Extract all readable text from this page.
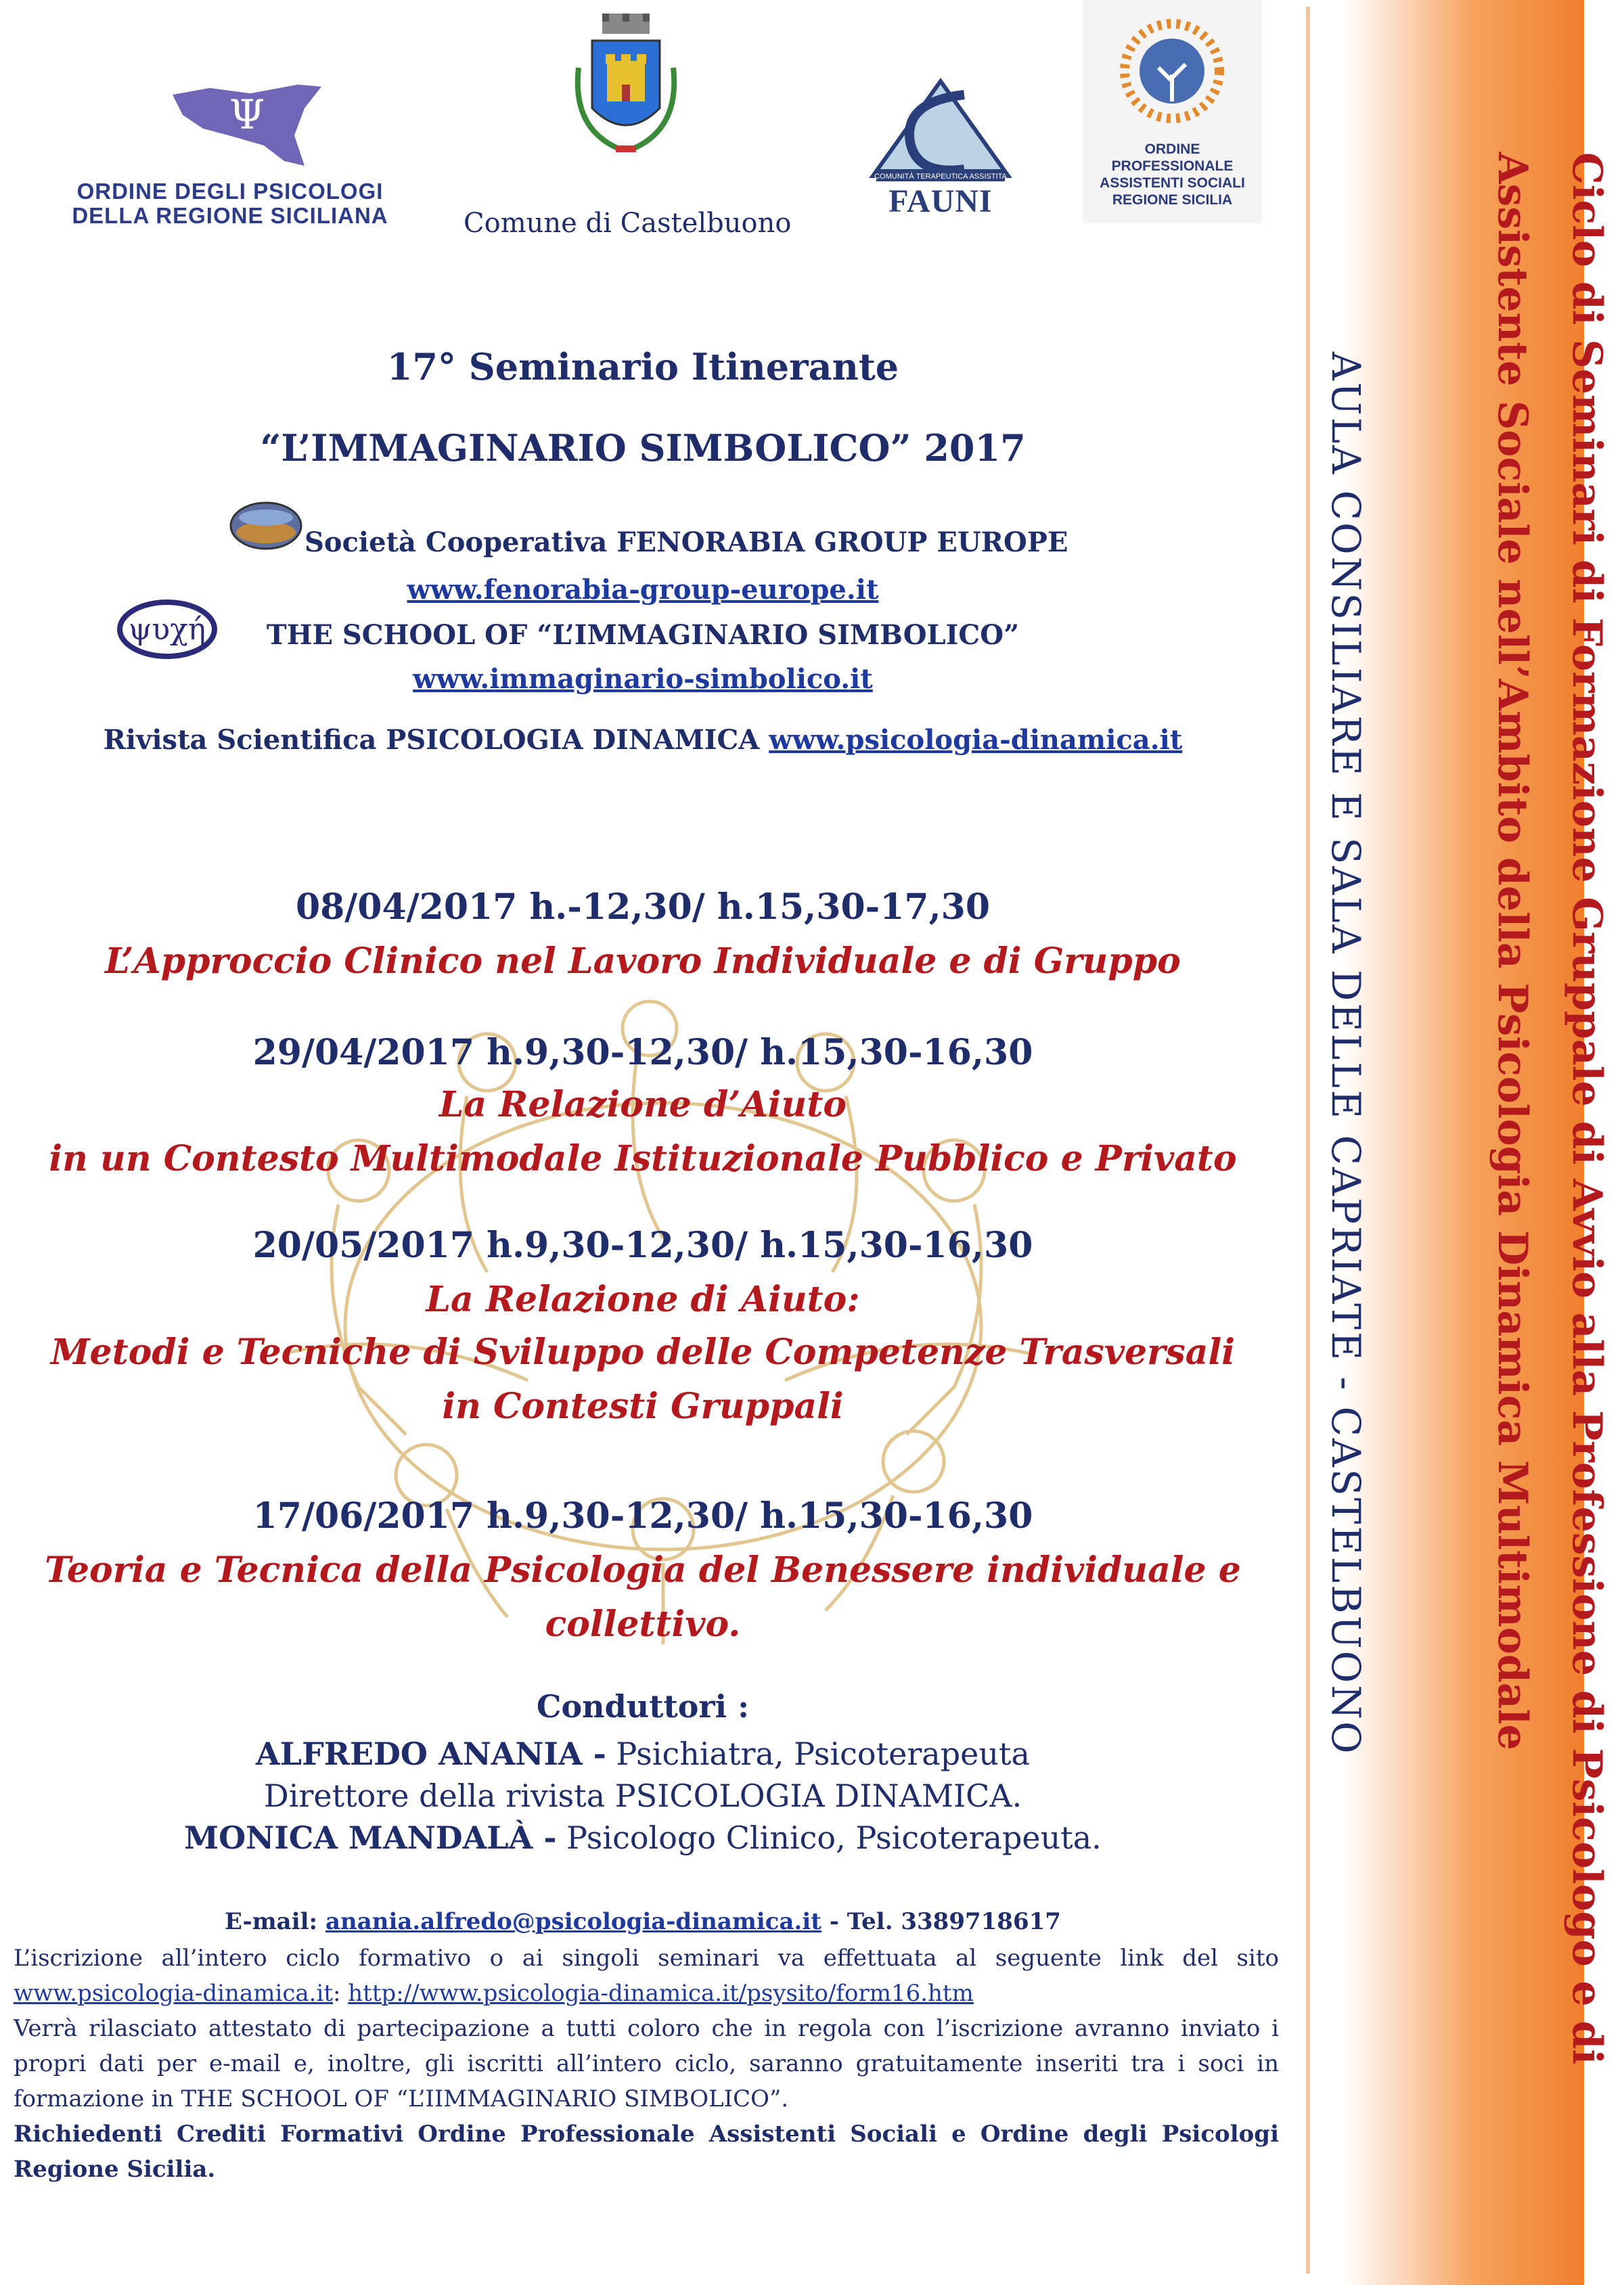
Ciclo di Seminari di Formazione Gruppale di Avvio alla Professione di Psicologo e di
Assistente Sociale nell’Ambito della Psicologia Dinamica Multimodale
AULA CONSILIARE E SALA DELLE CAPRIATE - CASTELBUONO
Ψ
ORDINE DEGLI PSICOLOGI
DELLA REGIONE SICILIANA	Comune di Castelbuono
COMUNITÀ TERAPEUTICA ASSISTITA
FAUNI
ORDINE PROFESSIONALE
ASSISTENTI SOCIALI
REGIONE SICILIA
17° Seminario Itinerante
“L’IMMAGINARIO SIMBOLICO” 2017
Società Cooperativa FENORABIA GROUP EUROPE
www.fenorabia-group-europe.it
ψυχή	THE SCHOOL OF “L’IMMAGINARIO SIMBOLICO”
www.immaginario-simbolico.it
Rivista Scientifica PSICOLOGIA DINAMICA www.psicologia-dinamica.it
08/04/2017 h.-12,30/ h.15,30-17,30
L’Approccio Clinico nel Lavoro Individuale e di Gruppo
29/04/2017 h.9,30-12,30/ h.15,30-16,30
La Relazione d’Aiuto
in un Contesto Multimodale Istituzionale Pubblico e Privato
20/05/2017 h.9,30-12,30/ h.15,30-16,30
La Relazione di Aiuto:
Metodi e Tecniche di Sviluppo delle Competenze Trasversali
in Contesti Gruppali
17/06/2017 h.9,30-12,30/ h.15,30-16,30
Teoria e Tecnica della Psicologia del Benessere individuale e
collettivo.
Conduttori :
ALFREDO ANANIA - Psichiatra, Psicoterapeuta
Direttore della rivista PSICOLOGIA DINAMICA.
MONICA MANDALÀ - Psicologo Clinico, Psicoterapeuta.
E-mail: anania.alfredo@psicologia-dinamica.it - Tel. 3389718617
L’iscrizione all’intero ciclo formativo o ai singoli seminari va effettuata al seguente link del sito www.psicologia-dinamica.it: http://www.psicologia-dinamica.it/psysito/form16.htm
Verrà rilasciato attestato di partecipazione a tutti coloro che in regola con l’iscrizione avranno inviato i propri dati per e-mail e, inoltre, gli iscritti all’intero ciclo, saranno gratuitamente inseriti tra i soci in formazione in THE SCHOOL OF “L’IIMMAGINARIO SIMBOLICO”.
Richiedenti Crediti Formativi Ordine Professionale Assistenti Sociali e Ordine degli Psicologi Regione Sicilia.
